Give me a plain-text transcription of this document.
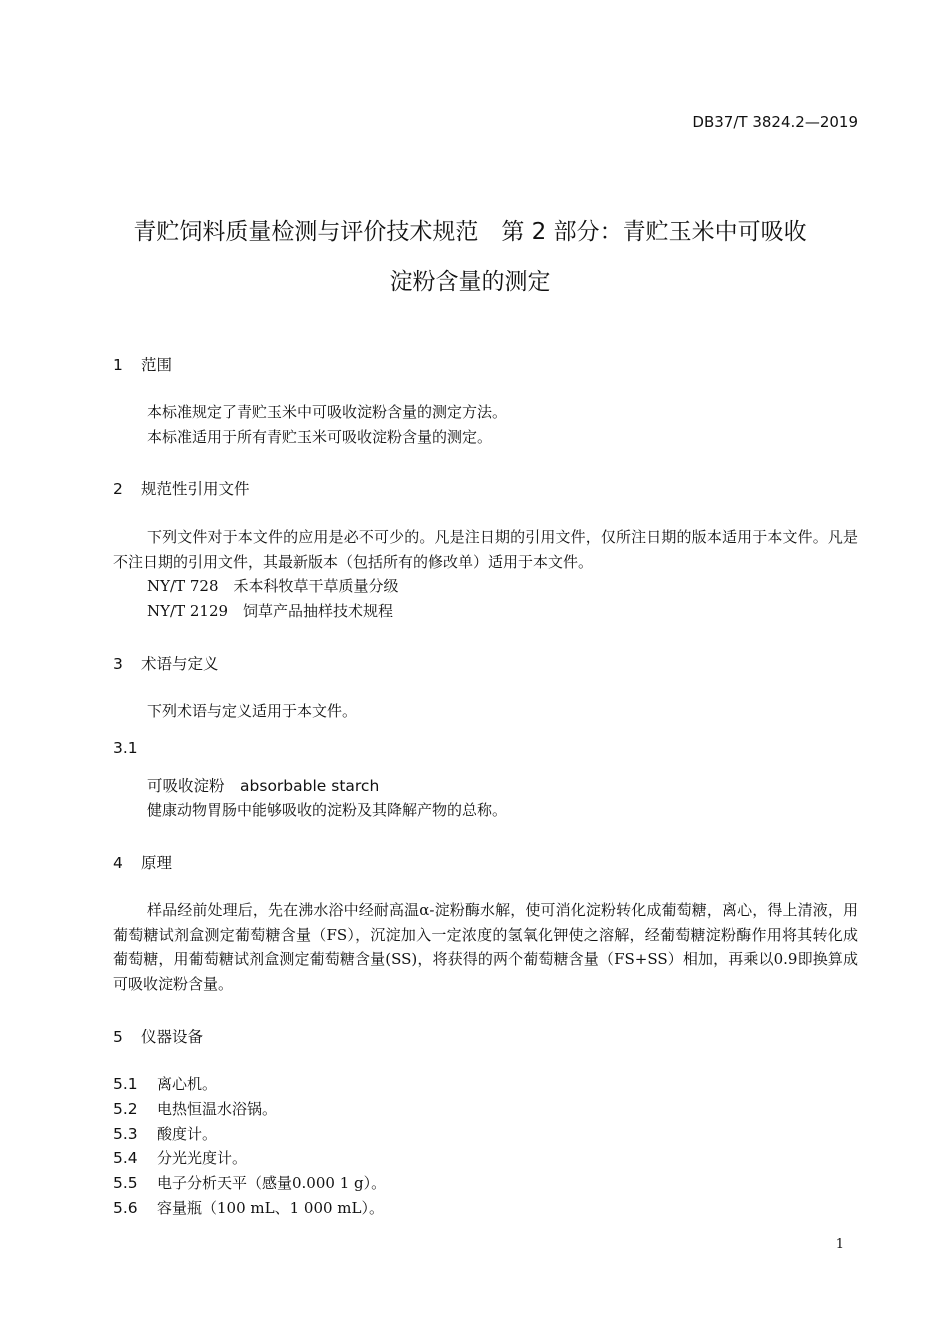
DB37/T 3824.2—2019
青贮饲料质量检测与评价技术规范　第 2 部分：青贮玉米中可吸收
淀粉含量的测定
1 范围
本标准规定了青贮玉米中可吸收淀粉含量的测定方法。
本标准适用于所有青贮玉米可吸收淀粉含量的测定。
2 规范性引用文件
下列文件对于本文件的应用是必不可少的。凡是注日期的引用文件，仅所注日期的版本适用于本文件。凡是不注日期的引用文件，其最新版本（包括所有的修改单）适用于本文件。
NY/T 728　禾本科牧草干草质量分级
NY/T 2129　饲草产品抽样技术规程
3 术语与定义
下列术语与定义适用于本文件。
3.1
可吸收淀粉　 absorbable starch
健康动物胃肠中能够吸收的淀粉及其降解产物的总称。
4 原理
样品经前处理后，先在沸水浴中经耐高温α-淀粉酶水解，使可消化淀粉转化成葡萄糖，离心，得上清液，用葡萄糖试剂盒测定葡萄糖含量（FS），沉淀加入一定浓度的氢氧化钾使之溶解，经葡萄糖淀粉酶作用将其转化成葡萄糖，用葡萄糖试剂盒测定葡萄糖含量(SS)，将获得的两个葡萄糖含量（FS+SS）相加，再乘以0.9即换算成可吸收淀粉含量。
5 仪器设备
5.1 离心机。
5.2 电热恒温水浴锅。
5.3 酸度计。
5.4 分光光度计。
5.5 电子分析天平（感量0.000 1 g）。
5.6 容量瓶（100 mL、1 000 mL）。
1
